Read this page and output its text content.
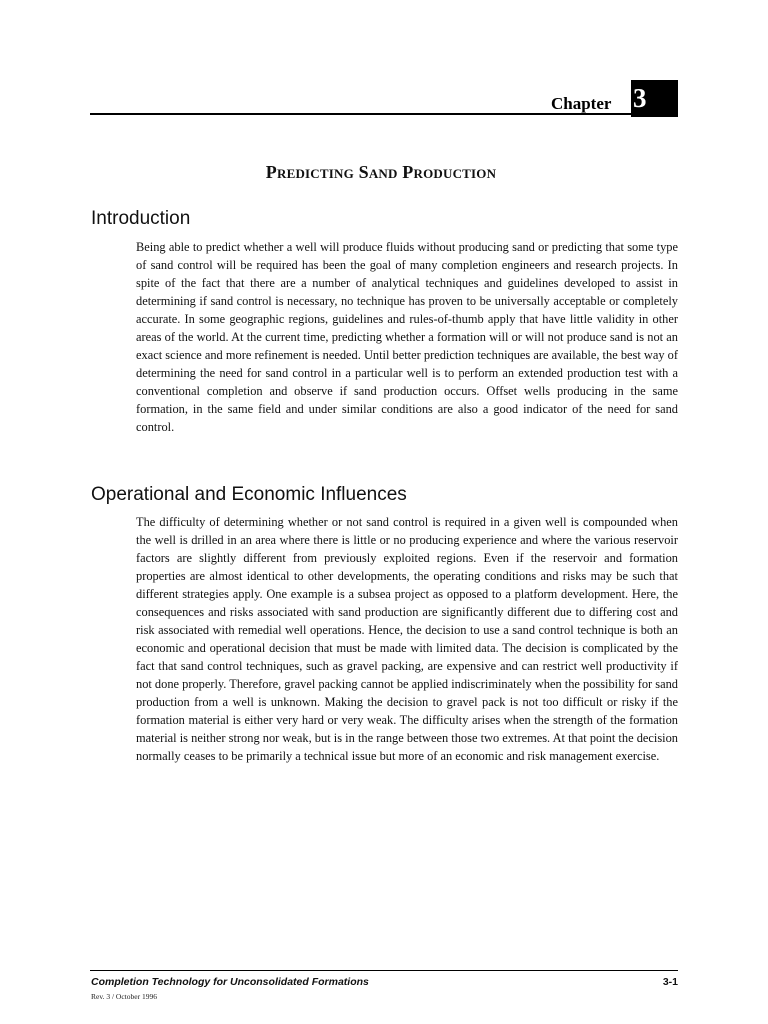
Chapter 3
Predicting Sand Production
Introduction

Being able to predict whether a well will produce fluids without producing sand or predicting that some type of sand control will be required has been the goal of many completion engineers and research projects. In spite of the fact that there are a number of analytical techniques and guidelines developed to assist in determining if sand control is necessary, no technique has proven to be universally acceptable or completely accurate. In some geographic regions, guidelines and rules-of-thumb apply that have little validity in other areas of the world. At the current time, predicting whether a formation will or will not produce sand is not an exact science and more refinement is needed. Until better prediction techniques are available, the best way of determining the need for sand control in a particular well is to perform an extended production test with a conventional completion and observe if sand production occurs. Offset wells producing in the same formation, in the same field and under similar conditions are also a good indicator of the need for sand control.

Operational and Economic Influences

The difficulty of determining whether or not sand control is required in a given well is compounded when the well is drilled in an area where there is little or no producing experience and where the various reservoir factors are slightly different from previously exploited regions. Even if the reservoir and formation properties are almost identical to other developments, the operating conditions and risks may be such that different strategies apply. One example is a subsea project as opposed to a platform development. Here, the consequences and risks associated with sand production are significantly different due to differing cost and risk associated with remedial well operations. Hence, the decision to use a sand control technique is both an economic and operational decision that must be made with limited data. The decision is complicated by the fact that sand control techniques, such as gravel packing, are expensive and can restrict well productivity if not done properly. Therefore, gravel packing cannot be applied indiscriminately when the possibility for sand production from a well is unknown. Making the decision to gravel pack is not too difficult or risky if the formation material is either very hard or very weak. The difficulty arises when the strength of the formation material is neither strong nor weak, but is in the range between those two extremes. At that point the decision normally ceases to be primarily a technical issue but more of an economic and risk management exercise.

Completion Technology for Unconsolidated Formations	3-1
Rev. 3 / October 1996
